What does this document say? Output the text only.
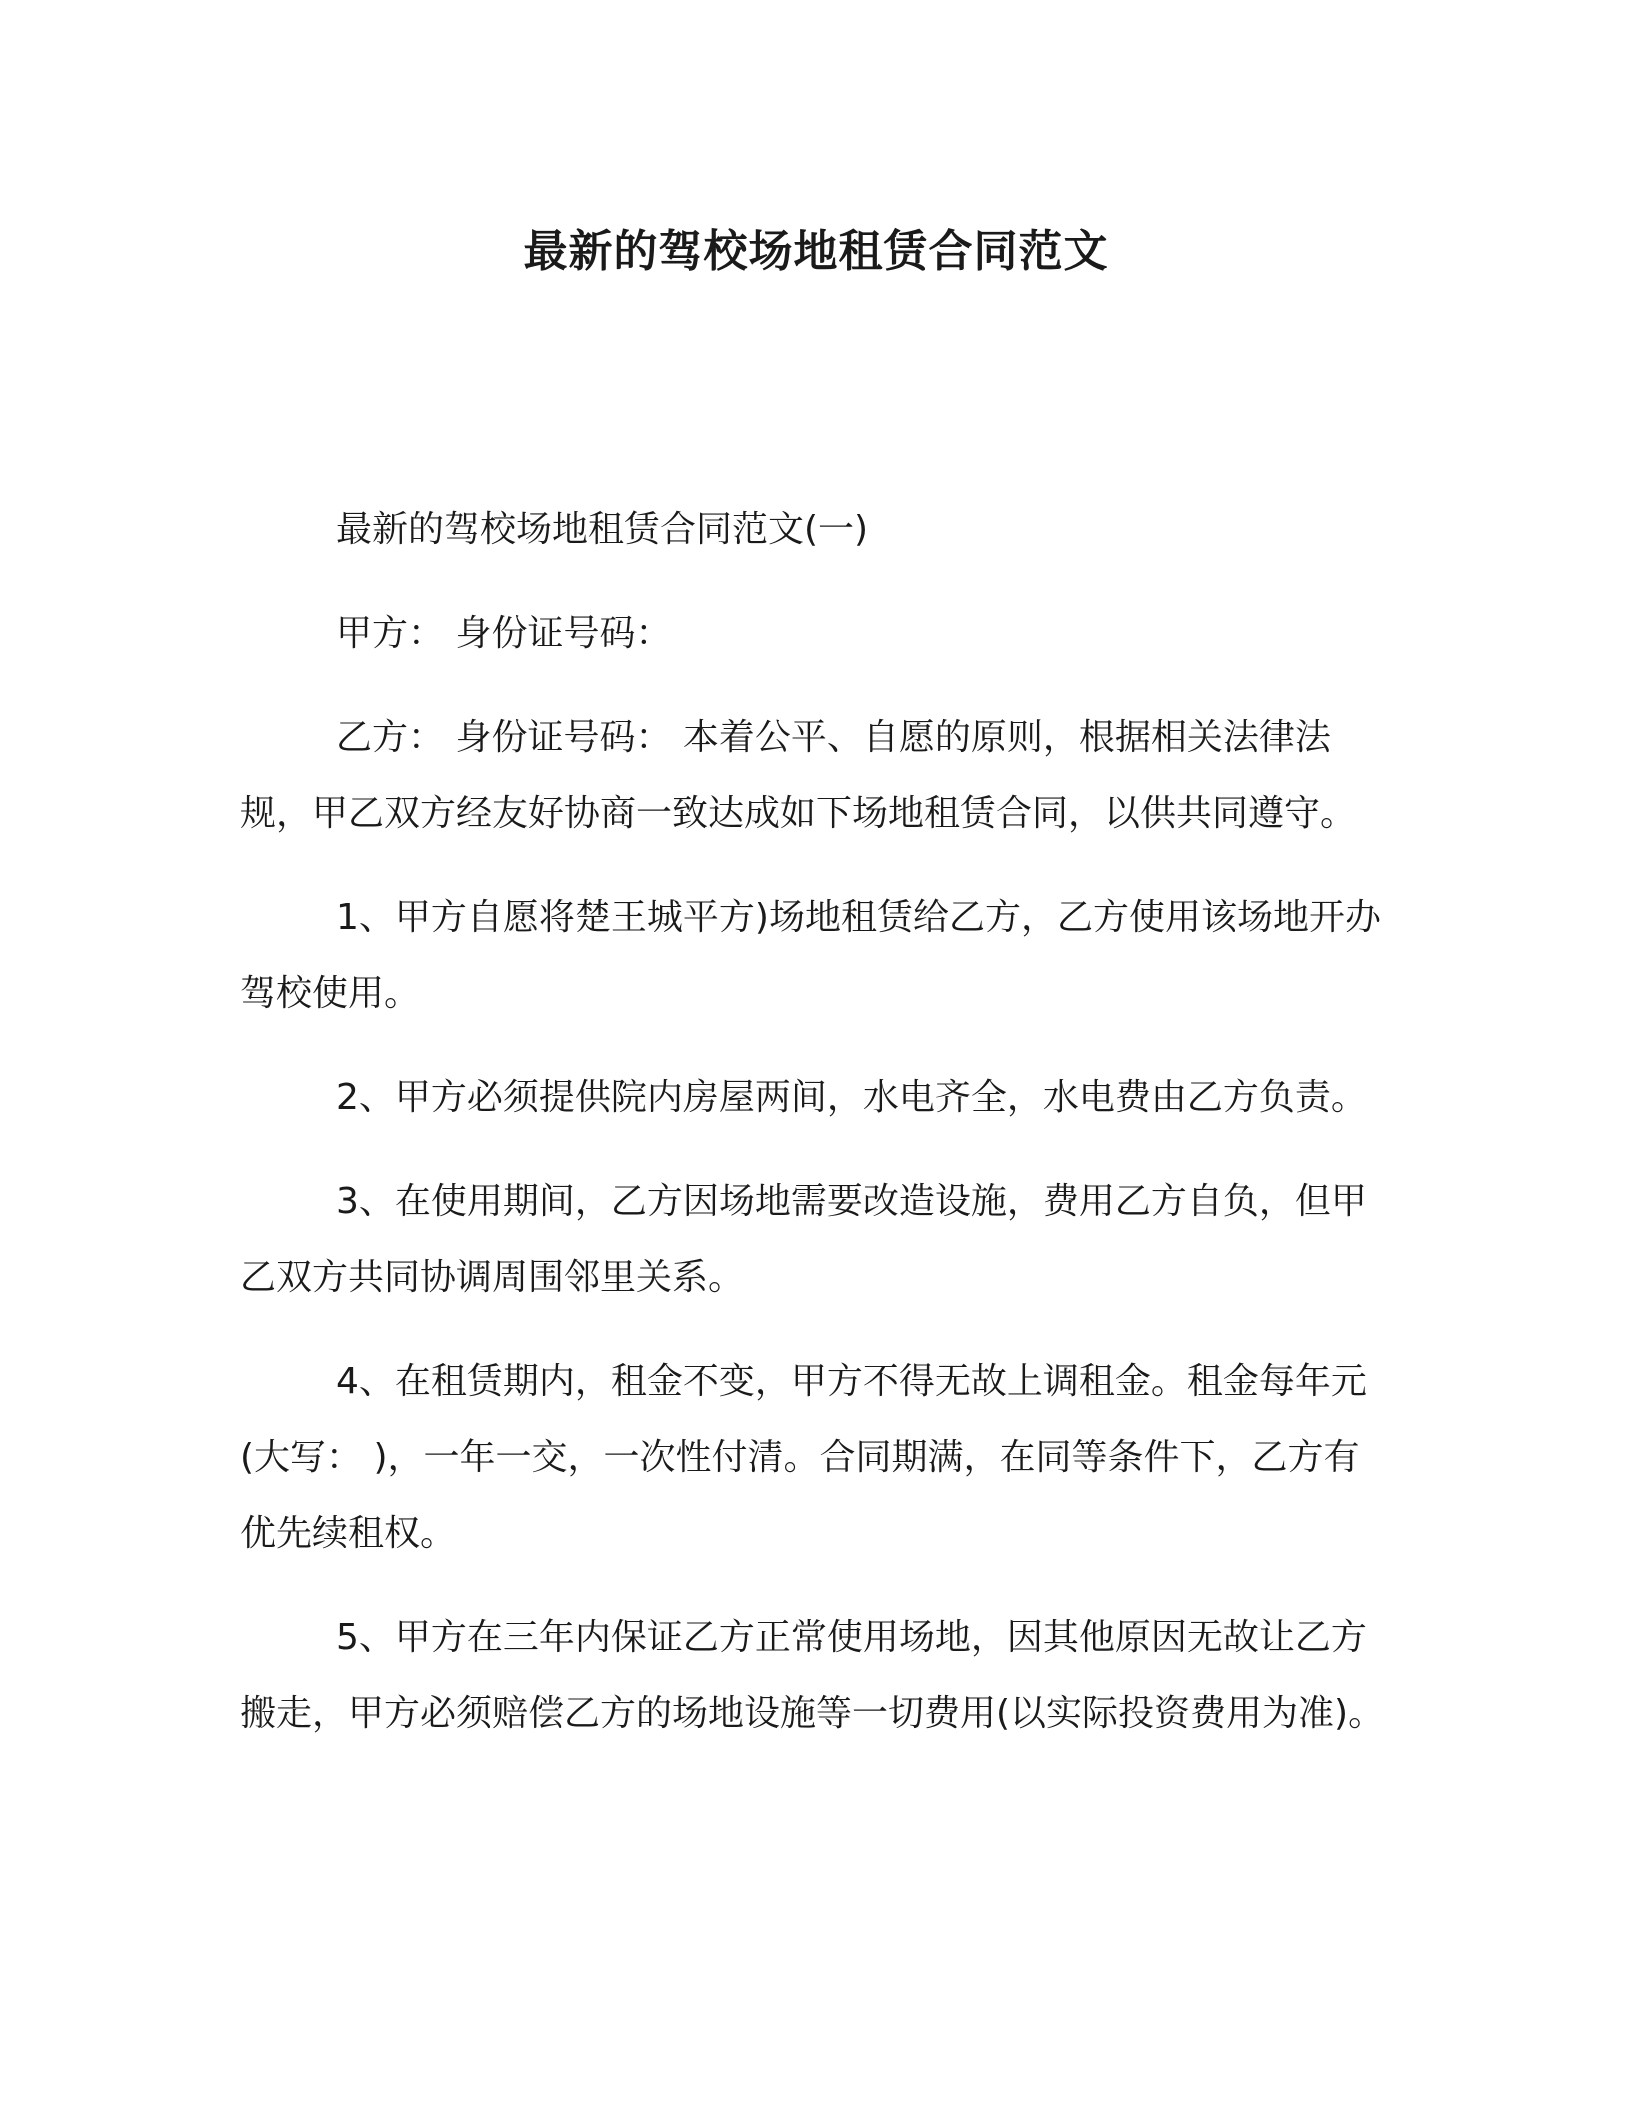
最新的驾校场地租赁合同范文

最新的驾校场地租赁合同范文(一)

甲方： 身份证号码：

乙方： 身份证号码： 本着公平、自愿的原则，根据相关法律法规，甲乙双方经友好协商一致达成如下场地租赁合同，以供共同遵守。

1、甲方自愿将楚王城平方)场地租赁给乙方，乙方使用该场地开办驾校使用。

2、甲方必须提供院内房屋两间，水电齐全，水电费由乙方负责。

3、在使用期间，乙方因场地需要改造设施，费用乙方自负，但甲乙双方共同协调周围邻里关系。

4、在租赁期内，租金不变，甲方不得无故上调租金。租金每年元(大写： )，一年一交，一次性付清。合同期满，在同等条件下，乙方有优先续租权。

5、甲方在三年内保证乙方正常使用场地，因其他原因无故让乙方搬走，甲方必须赔偿乙方的场地设施等一切费用(以实际投资费用为准)。
